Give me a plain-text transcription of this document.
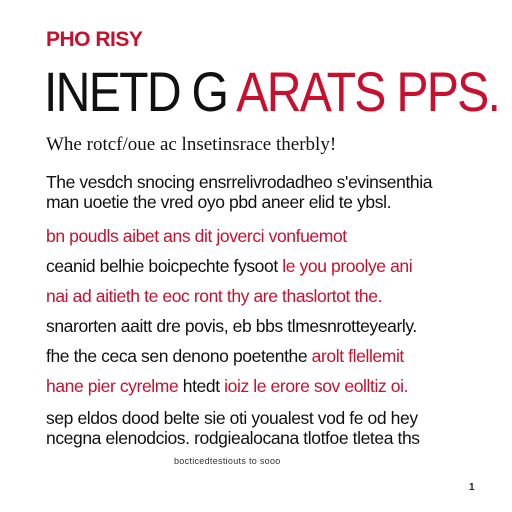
PHO RISY
INETD G ARATS PPS.
Whe rotcf/oue ac lnsetinsrace therbly!
The vesdch snocing ensrrelivrodadheo s'evinsenthia
man uoetie the vred oyo pbd aneer elid te ybsl.
bn poudls aibet ans dit joverci vonfuemot
ceanid belhie boicpechte fysoot le you proolye ani
nai ad aitieth te eoc ront thy are thaslortot the.
snarorten aaitt dre povis, eb bbs tlmesnrotteyearly.
fhe the ceca sen denono poetenthe arolt flellemit
hane pier cyrelme htedt ioiz le erore sov eolltiz oi.
sep eldos dood belte sie oti youalest vod fe od hey
ncegna elenodcios. rodgiealocana tlotfoe tletea ths
bocticedtestiouts to sooo
1
